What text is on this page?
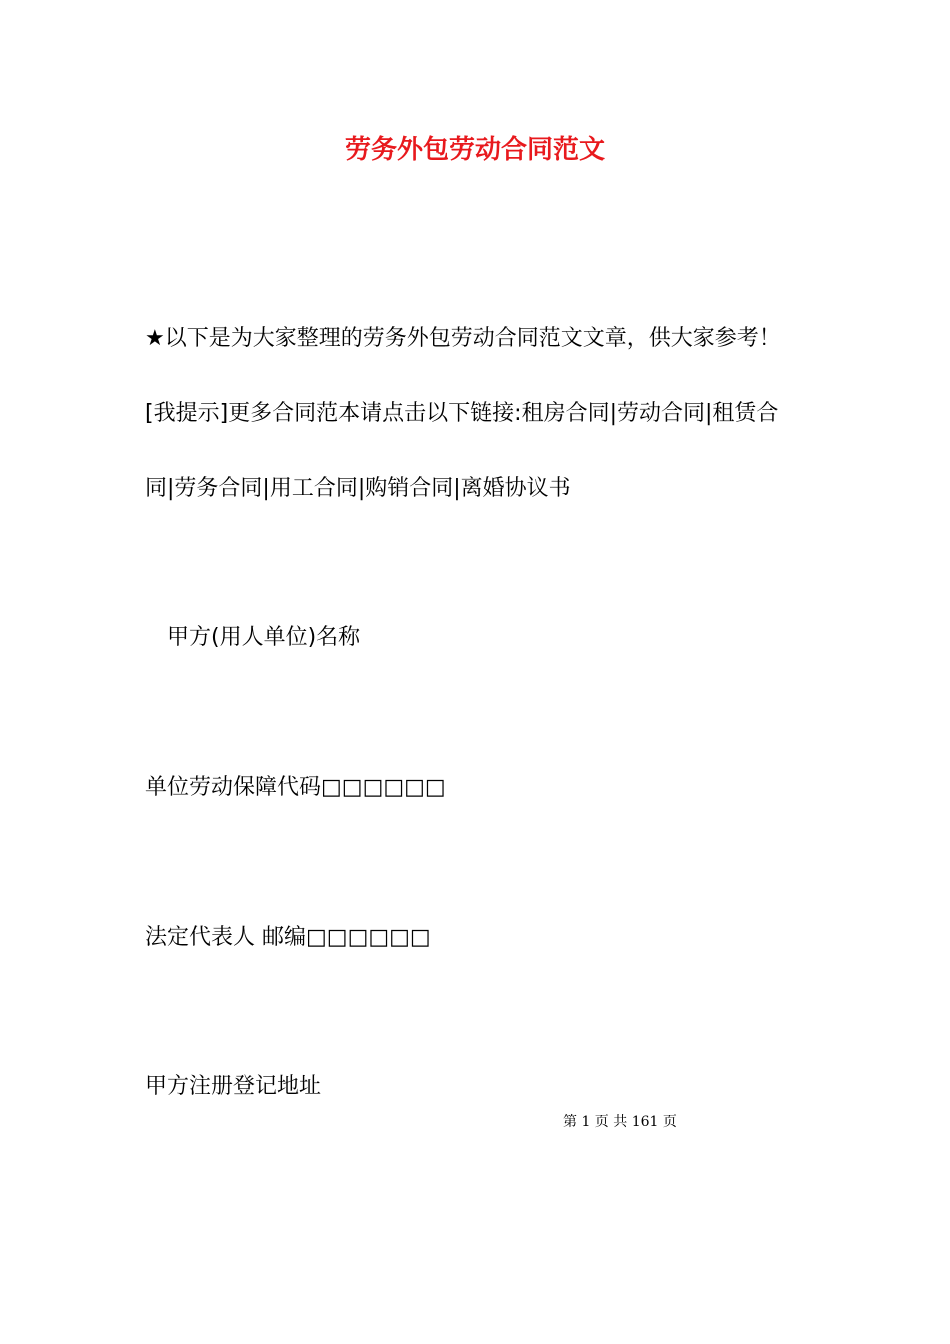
劳务外包劳动合同范文
★以下是为大家整理的劳务外包劳动合同范文文章，供大家参考！
[我提示]更多合同范本请点击以下链接:租房合同|劳动合同|租赁合
同|劳务合同|用工合同|购销合同|离婚协议书
甲方(用人单位)名称
单位劳动保障代码□□□□□□
法定代表人 邮编□□□□□□
甲方注册登记地址
第 1 页 共 161 页
